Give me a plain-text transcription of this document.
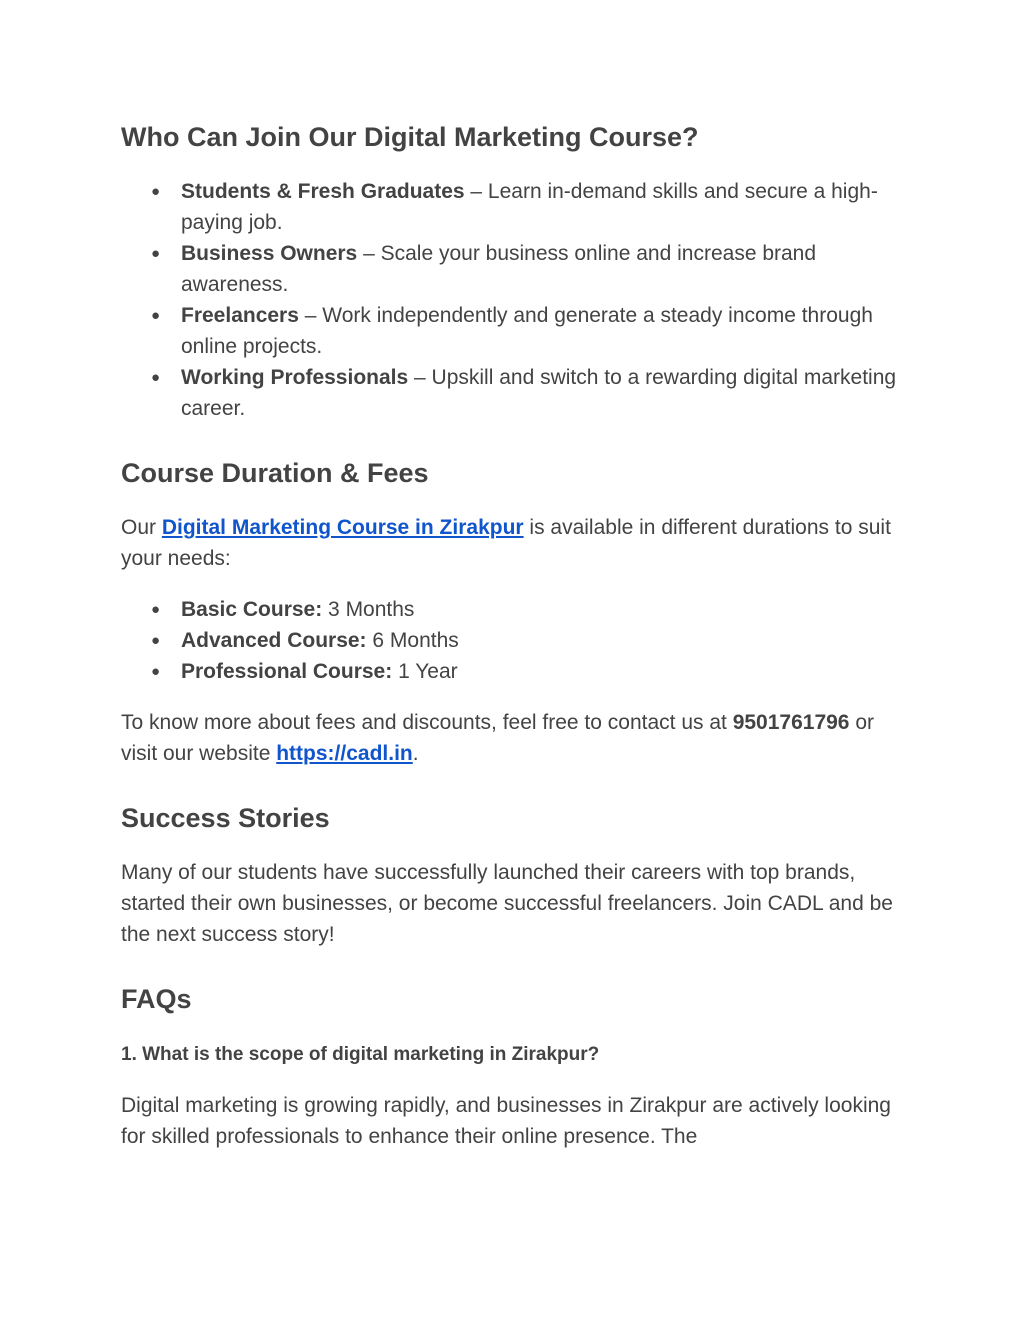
Who Can Join Our Digital Marketing Course?
● Students & Fresh Graduates – Learn in-demand skills and secure a high-paying job.
● Business Owners – Scale your business online and increase brand awareness.
● Freelancers – Work independently and generate a steady income through online projects.
● Working Professionals – Upskill and switch to a rewarding digital marketing career.
Course Duration & Fees

Our Digital Marketing Course in Zirakpur is available in different durations to suit your needs:

● Basic Course: 3 Months
● Advanced Course: 6 Months
● Professional Course: 1 Year

To know more about fees and discounts, feel free to contact us at 9501761796 or visit our website https://cadl.in.

Success Stories

Many of our students have successfully launched their careers with top brands, started their own businesses, or become successful freelancers. Join CADL and be the next success story!

FAQs
1. What is the scope of digital marketing in Zirakpur?

Digital marketing is growing rapidly, and businesses in Zirakpur are actively looking for skilled professionals to enhance their online presence. The
